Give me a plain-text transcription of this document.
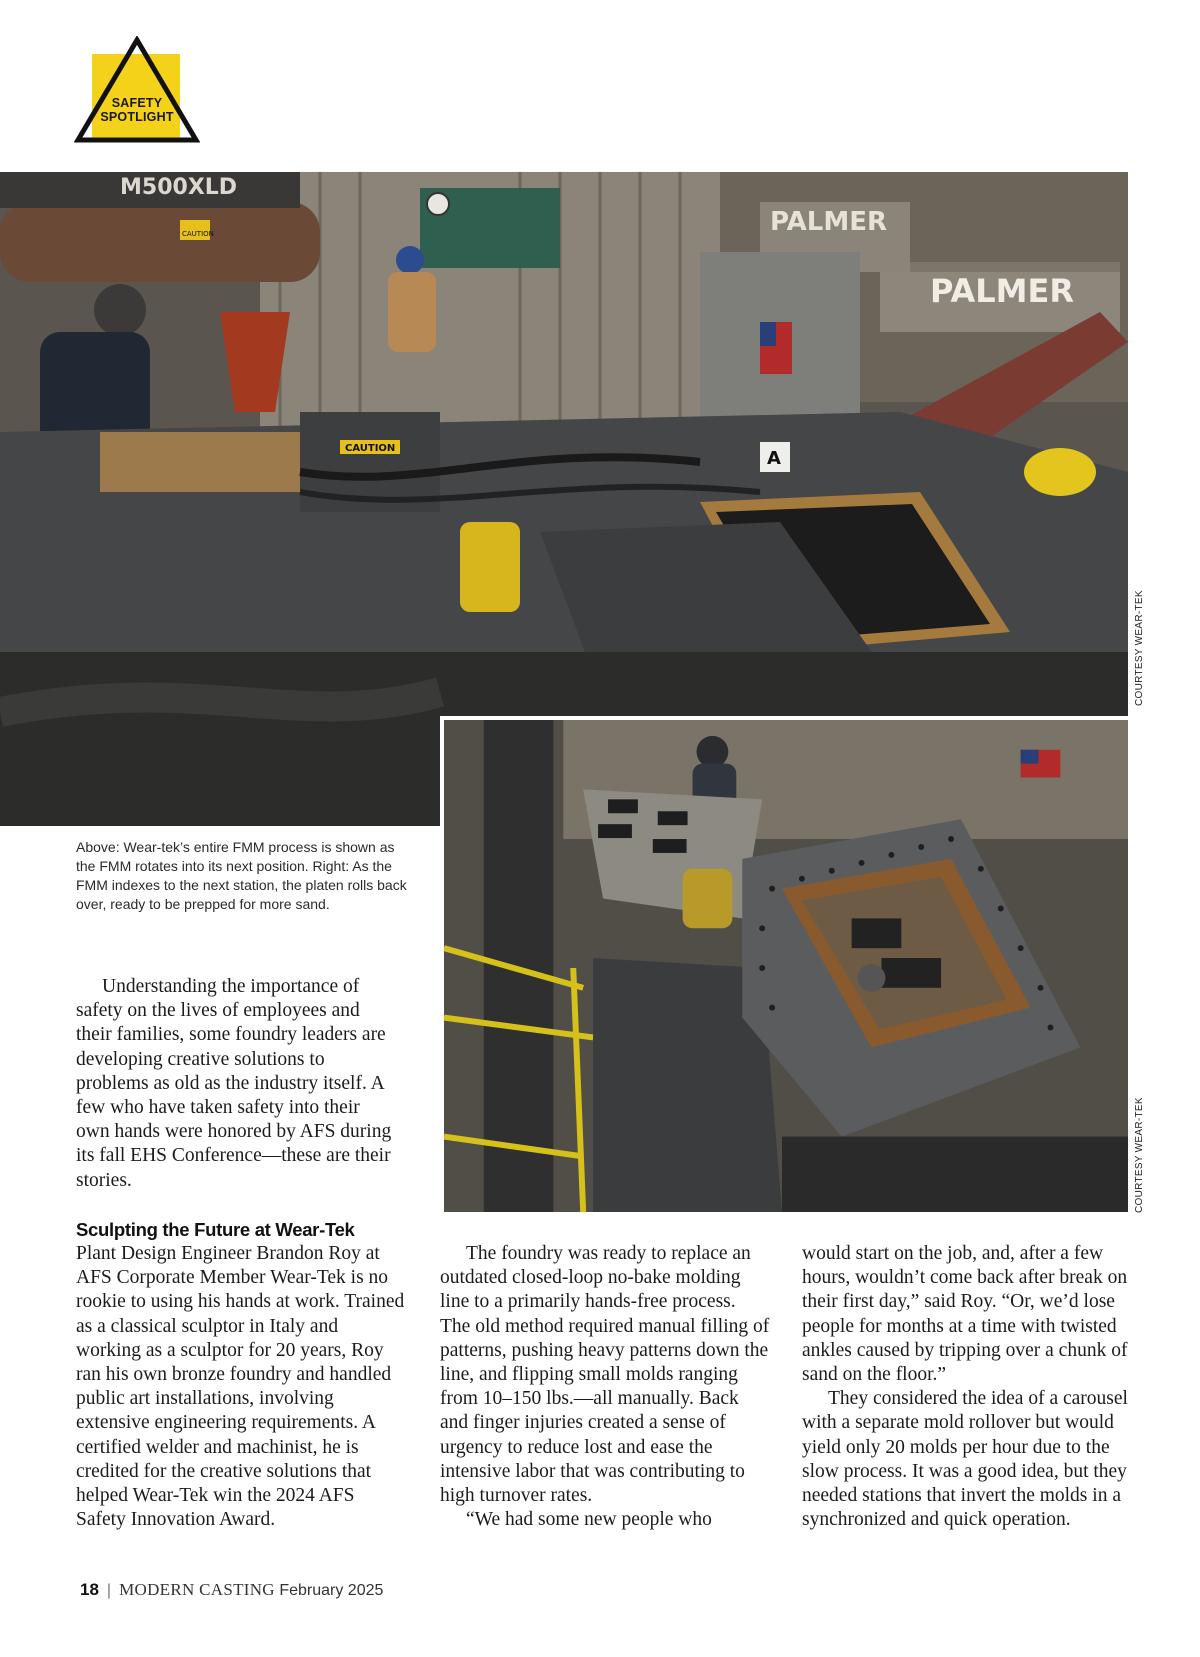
SAFETY
SPOTLIGHT
M500XLD
PALMER
PALMER
CAUTION
CAUTION
A
COURTESY WEAR-TEK
COURTESY WEAR-TEK
Above: Wear-tek’s entire FMM process is shown as the FMM rotates into its next position. Right: As the FMM indexes to the next station, the platen rolls back over, ready to be prepped for more sand.

Understanding the importance of safety on the lives of employees and their families, some foundry leaders are developing creative solutions to problems as old as the industry itself. A few who have taken safety into their own hands were honored by AFS during its fall EHS Conference—these are their stories.

Sculpting the Future at Wear-Tek

Plant Design Engineer Brandon Roy at AFS Corporate Member Wear-Tek is no rookie to using his hands at work. Trained as a classical sculptor in Italy and working as a sculptor for 20 years, Roy ran his own bronze foundry and handled public art installations, involving extensive engineering requirements. A certified welder and machinist, he is credited for the creative solutions that helped Wear-Tek win the 2024 AFS Safety Innovation Award.

The foundry was ready to replace an outdated closed-loop no-bake molding line to a primarily hands-free process. The old method required manual filling of patterns, pushing heavy patterns down the line, and flipping small molds ranging from 10–150 lbs.—all manually. Back and finger injuries created a sense of urgency to reduce lost and ease the intensive labor that was contributing to high turnover rates.

“We had some new people who

would start on the job, and, after a few hours, wouldn’t come back after break on their first day,” said Roy. “Or, we’d lose people for months at a time with twisted ankles caused by tripping over a chunk of sand on the floor.”

They considered the idea of a carousel with a separate mold rollover but would yield only 20 molds per hour due to the slow process. It was a good idea, but they needed stations that invert the molds in a synchronized and quick operation.

18 | MODERN CASTING February 2025
